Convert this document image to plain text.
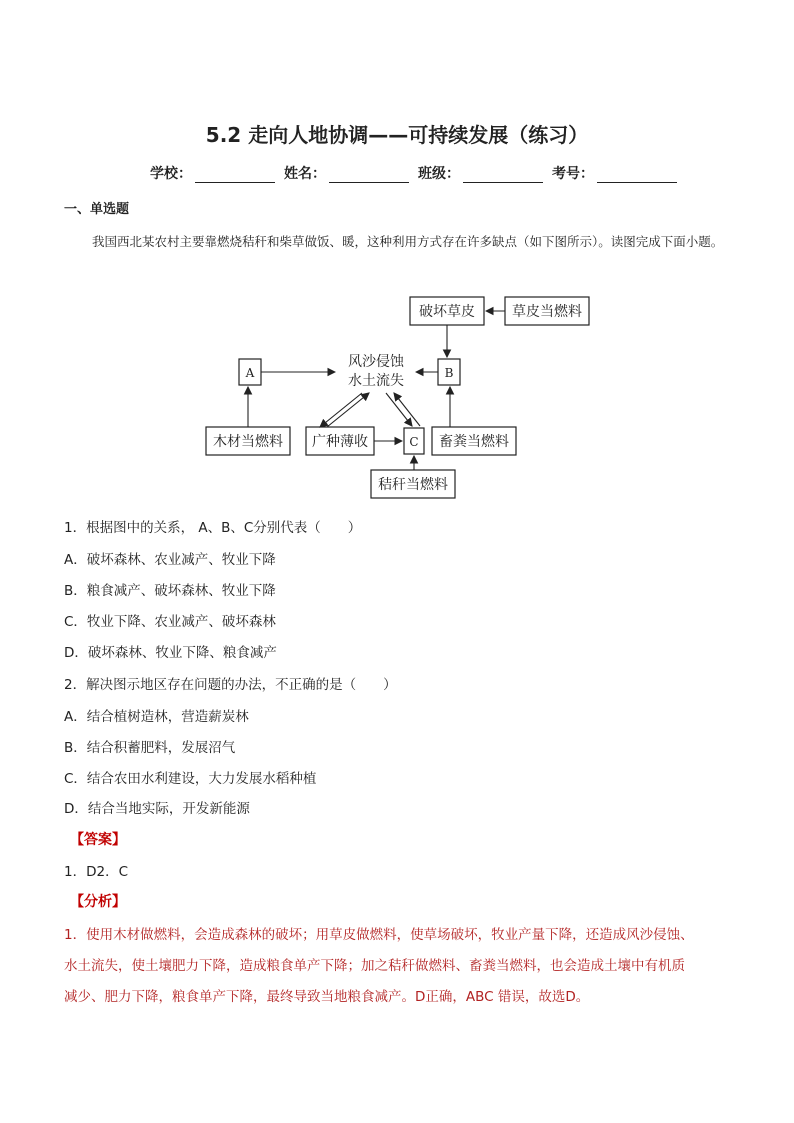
5.2 走向人地协调——可持续发展（练习）
学校：	姓名：	班级：	考号：
一、单选题
我国西北某农村主要靠燃烧秸秆和柴草做饭、暖，这种利用方式存在许多缺点（如下图所示）。读图完成下面小题。
破坏草皮	草皮当燃料
A	B
C
风沙侵蚀
水土流失
木材当燃料 广种薄收	畜粪当燃料
秸秆当燃料
1．根据图中的关系， A、B、C分别代表（　　）
A．破坏森林、农业减产、牧业下降
B．粮食减产、破坏森林、牧业下降
C．牧业下降、农业减产、破坏森林
D．破坏森林、牧业下降、粮食减产
2．解决图示地区存在问题的办法，不正确的是（　　）
A．结合植树造林，营造薪炭林
B．结合积蓄肥料，发展沼气
C．结合农田水利建设，大力发展水稻种植
D．结合当地实际，开发新能源
【答案】
1．D2．C
【分析】
1．使用木材做燃料，会造成森林的破坏；用草皮做燃料，使草场破坏，牧业产量下降，还造成风沙侵蚀、
水土流失，使土壤肥力下降，造成粮食单产下降；加之秸秆做燃料、畜粪当燃料，也会造成土壤中有机质
减少、肥力下降，粮食单产下降，最终导致当地粮食减产。D正确，ABC 错误，故选D。
